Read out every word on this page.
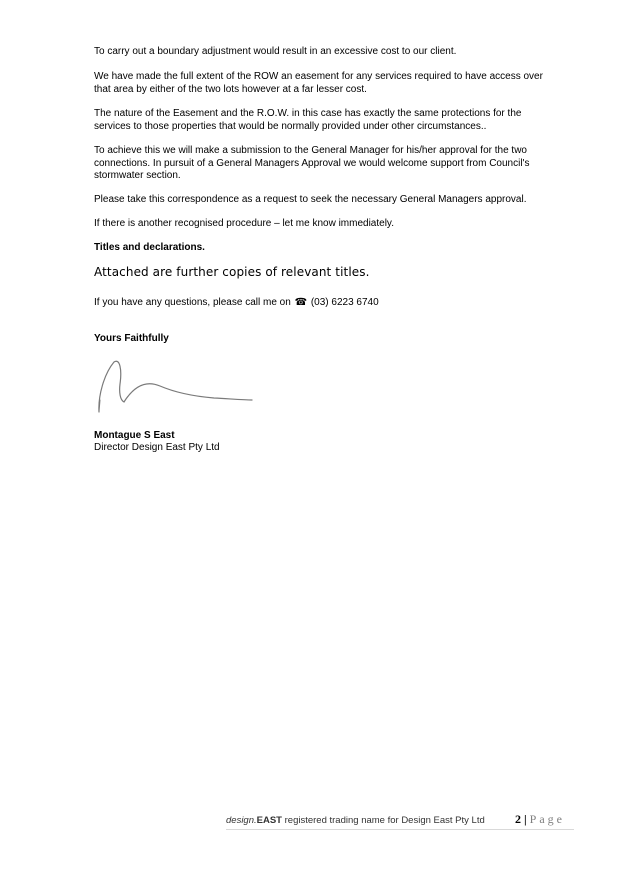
To carry out a boundary adjustment would result in an excessive cost to our client.

We have made the full extent of the ROW an easement for any services required to have access over that area by either of the two lots however at a far lesser cost.

The nature of the Easement and the R.O.W. in this case has exactly the same protections for the services to those properties that would be normally provided under other circumstances..

To achieve this we will make a submission to the General Manager for his/her approval for the two connections. In pursuit of a General Managers Approval we would welcome support from Council's stormwater section.

Please take this correspondence as a request to seek the necessary General Managers approval.

If there is another recognised procedure – let me know immediately.

Titles and declarations.

Attached are further copies of relevant titles.

If you have any questions, please call me on ☎ (03) 6223 6740

Yours Faithfully

Montague S East
Director Design East Pty Ltd
design.EAST registered trading name for Design East Pty Ltd	2 | Page
